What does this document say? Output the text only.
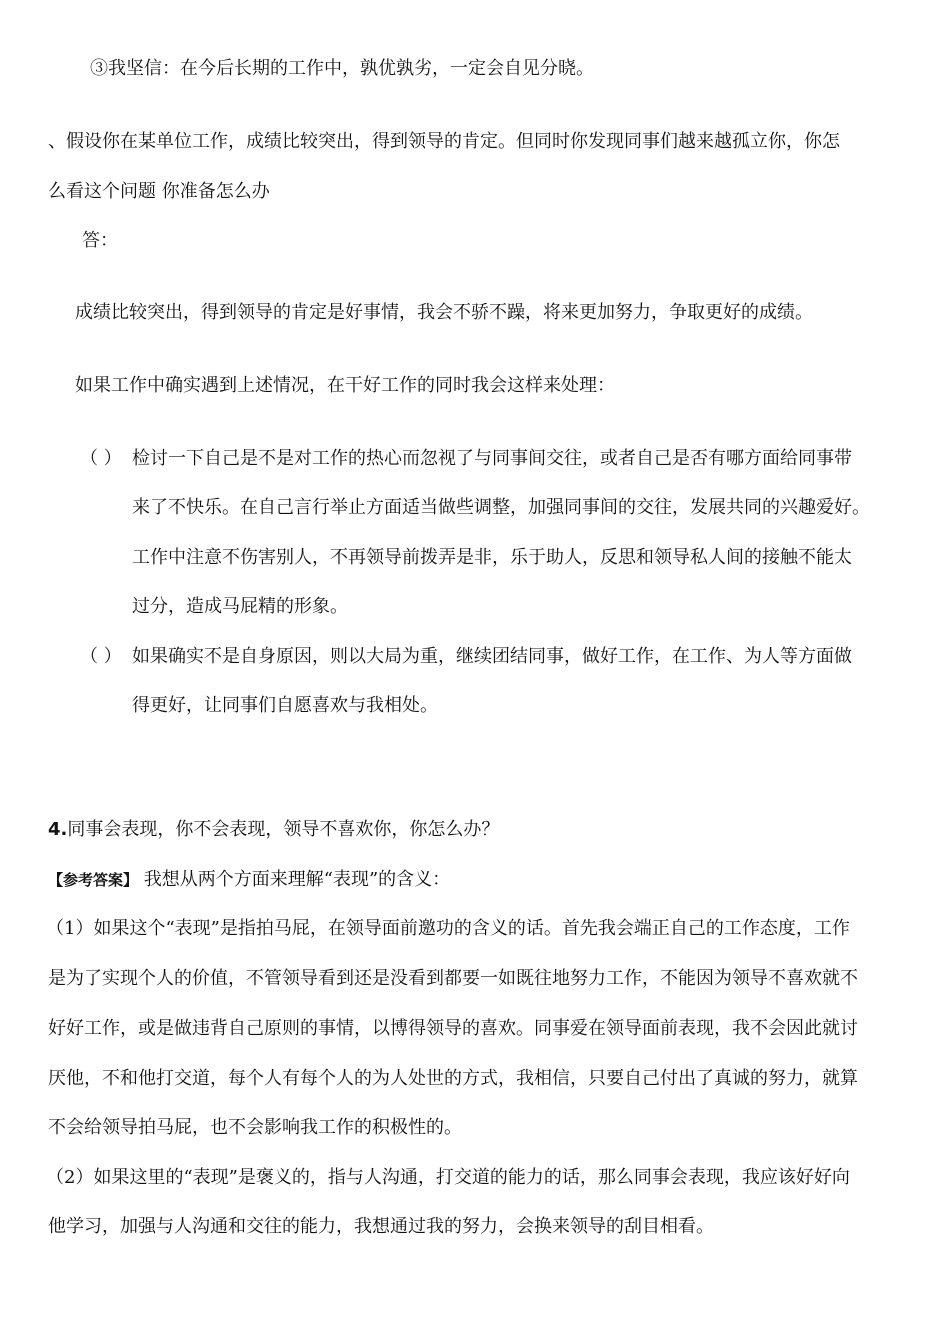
③我坚信：在今后长期的工作中，孰优孰劣，一定会自见分晓。
、假设你在某单位工作，成绩比较突出，得到领导的肯定。但同时你发现同事们越来越孤立你，你怎
么看这个问题 你准备怎么办
答：
成绩比较突出，得到领导的肯定是好事情，我会不骄不躁，将来更加努力，争取更好的成绩。
如果工作中确实遇到上述情况，在干好工作的同时我会这样来处理：
（ ） 检讨一下自己是不是对工作的热心而忽视了与同事间交往，或者自己是否有哪方面给同事带
来了不快乐。在自己言行举止方面适当做些调整，加强同事间的交往，发展共同的兴趣爱好。
工作中注意不伤害别人，不再领导前拨弄是非，乐于助人，反思和领导私人间的接触不能太
过分，造成马屁精的形象。
（ ） 如果确实不是自身原因，则以大局为重，继续团结同事，做好工作，在工作、为人等方面做
得更好，让同事们自愿喜欢与我相处。
4.同事会表现，你不会表现，领导不喜欢你，你怎么办？
【参考答案】 我想从两个方面来理解“表现”的含义：
（1）如果这个“表现”是指拍马屁，在领导面前邀功的含义的话。首先我会端正自己的工作态度，工作
是为了实现个人的价值，不管领导看到还是没看到都要一如既往地努力工作，不能因为领导不喜欢就不
好好工作，或是做违背自己原则的事情，以博得领导的喜欢。同事爱在领导面前表现，我不会因此就讨
厌他，不和他打交道，每个人有每个人的为人处世的方式，我相信，只要自己付出了真诚的努力，就算
不会给领导拍马屁，也不会影响我工作的积极性的。
（2）如果这里的“表现”是褒义的，指与人沟通，打交道的能力的话，那么同事会表现，我应该好好向
他学习，加强与人沟通和交往的能力，我想通过我的努力，会换来领导的刮目相看。
